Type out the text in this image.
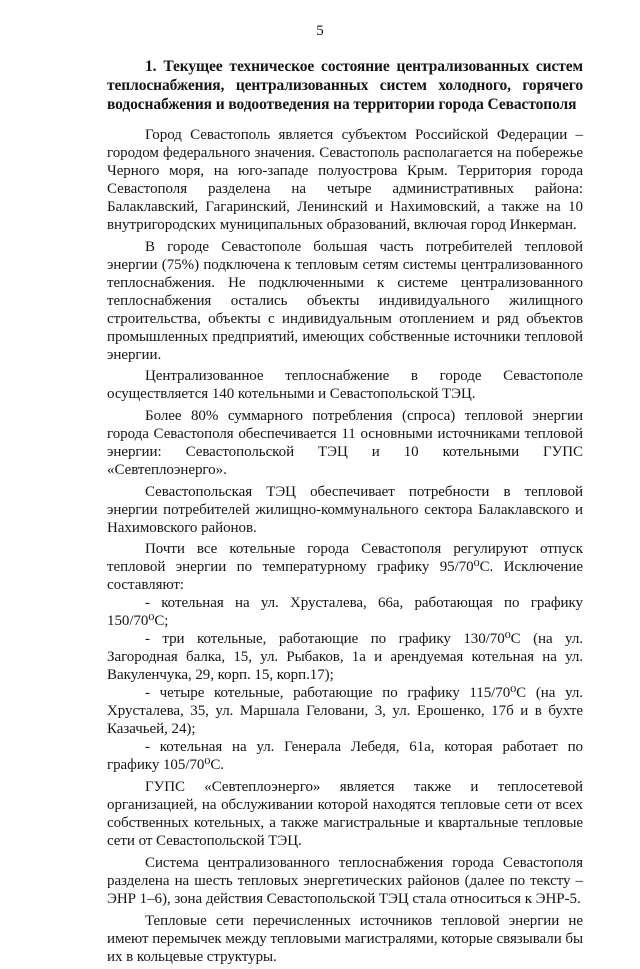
5
1. Текущее техническое состояние централизованных систем теплоснабжения, централизованных систем холодного, горячего водоснабжения и водоотведения на территории города Севастополя

Город Севастополь является субъектом Российской Федерации – городом федерального значения. Севастополь располагается на побережье Черного моря, на юго-западе полуострова Крым. Территория города Севастополя разделена на четыре административных района: Балаклавский, Гагаринский, Ленинский и Нахимовский, а также на 10 внутригородских муниципальных образований, включая город Инкерман.

В городе Севастополе большая часть потребителей тепловой энергии (75%) подключена к тепловым сетям системы централизованного теплоснабжения. Не подключенными к системе централизованного теплоснабжения остались объекты индивидуального жилищного строительства, объекты с индивидуальным отоплением и ряд объектов промышленных предприятий, имеющих собственные источники тепловой энергии.

Централизованное теплоснабжение в городе Севастополе осуществляется 140 котельными и Севастопольской ТЭЦ.

Более 80% суммарного потребления (спроса) тепловой энергии города Севастополя обеспечивается 11 основными источниками тепловой энергии: Севастопольской ТЭЦ и 10 котельными ГУПС «Севтеплоэнерго».

Севастопольская ТЭЦ обеспечивает потребности в тепловой энергии потребителей жилищно-коммунального сектора Балаклавского и Нахимовского районов.

Почти все котельные города Севастополя регулируют отпуск тепловой энергии по температурному графику 95/70⁰С. Исключение составляют:

- котельная на ул. Хрусталева, 66а, работающая по графику 150/70⁰С;

- три котельные, работающие по графику 130/70⁰С (на ул. Загородная балка, 15, ул. Рыбаков, 1а и арендуемая котельная на ул. Вакуленчука, 29, корп. 15, корп.17);

- четыре котельные, работающие по графику 115/70⁰С (на ул. Хрусталева, 35, ул. Маршала Геловани, 3, ул. Ерошенко, 17б и в бухте Казачьей, 24);

- котельная на ул. Генерала Лебедя, 61а, которая работает по графику 105/70⁰С.

ГУПС «Севтеплоэнерго» является также и теплосетевой организацией, на обслуживании которой находятся тепловые сети от всех собственных котельных, а также магистральные и квартальные тепловые сети от Севастопольской ТЭЦ.

Система централизованного теплоснабжения города Севастополя разделена на шесть тепловых энергетических районов (далее по тексту – ЭНР 1–6), зона действия Севастопольской ТЭЦ стала относиться к ЭНР-5.

Тепловые сети перечисленных источников тепловой энергии не имеют перемычек между тепловыми магистралями, которые связывали бы их в кольцевые структуры.
